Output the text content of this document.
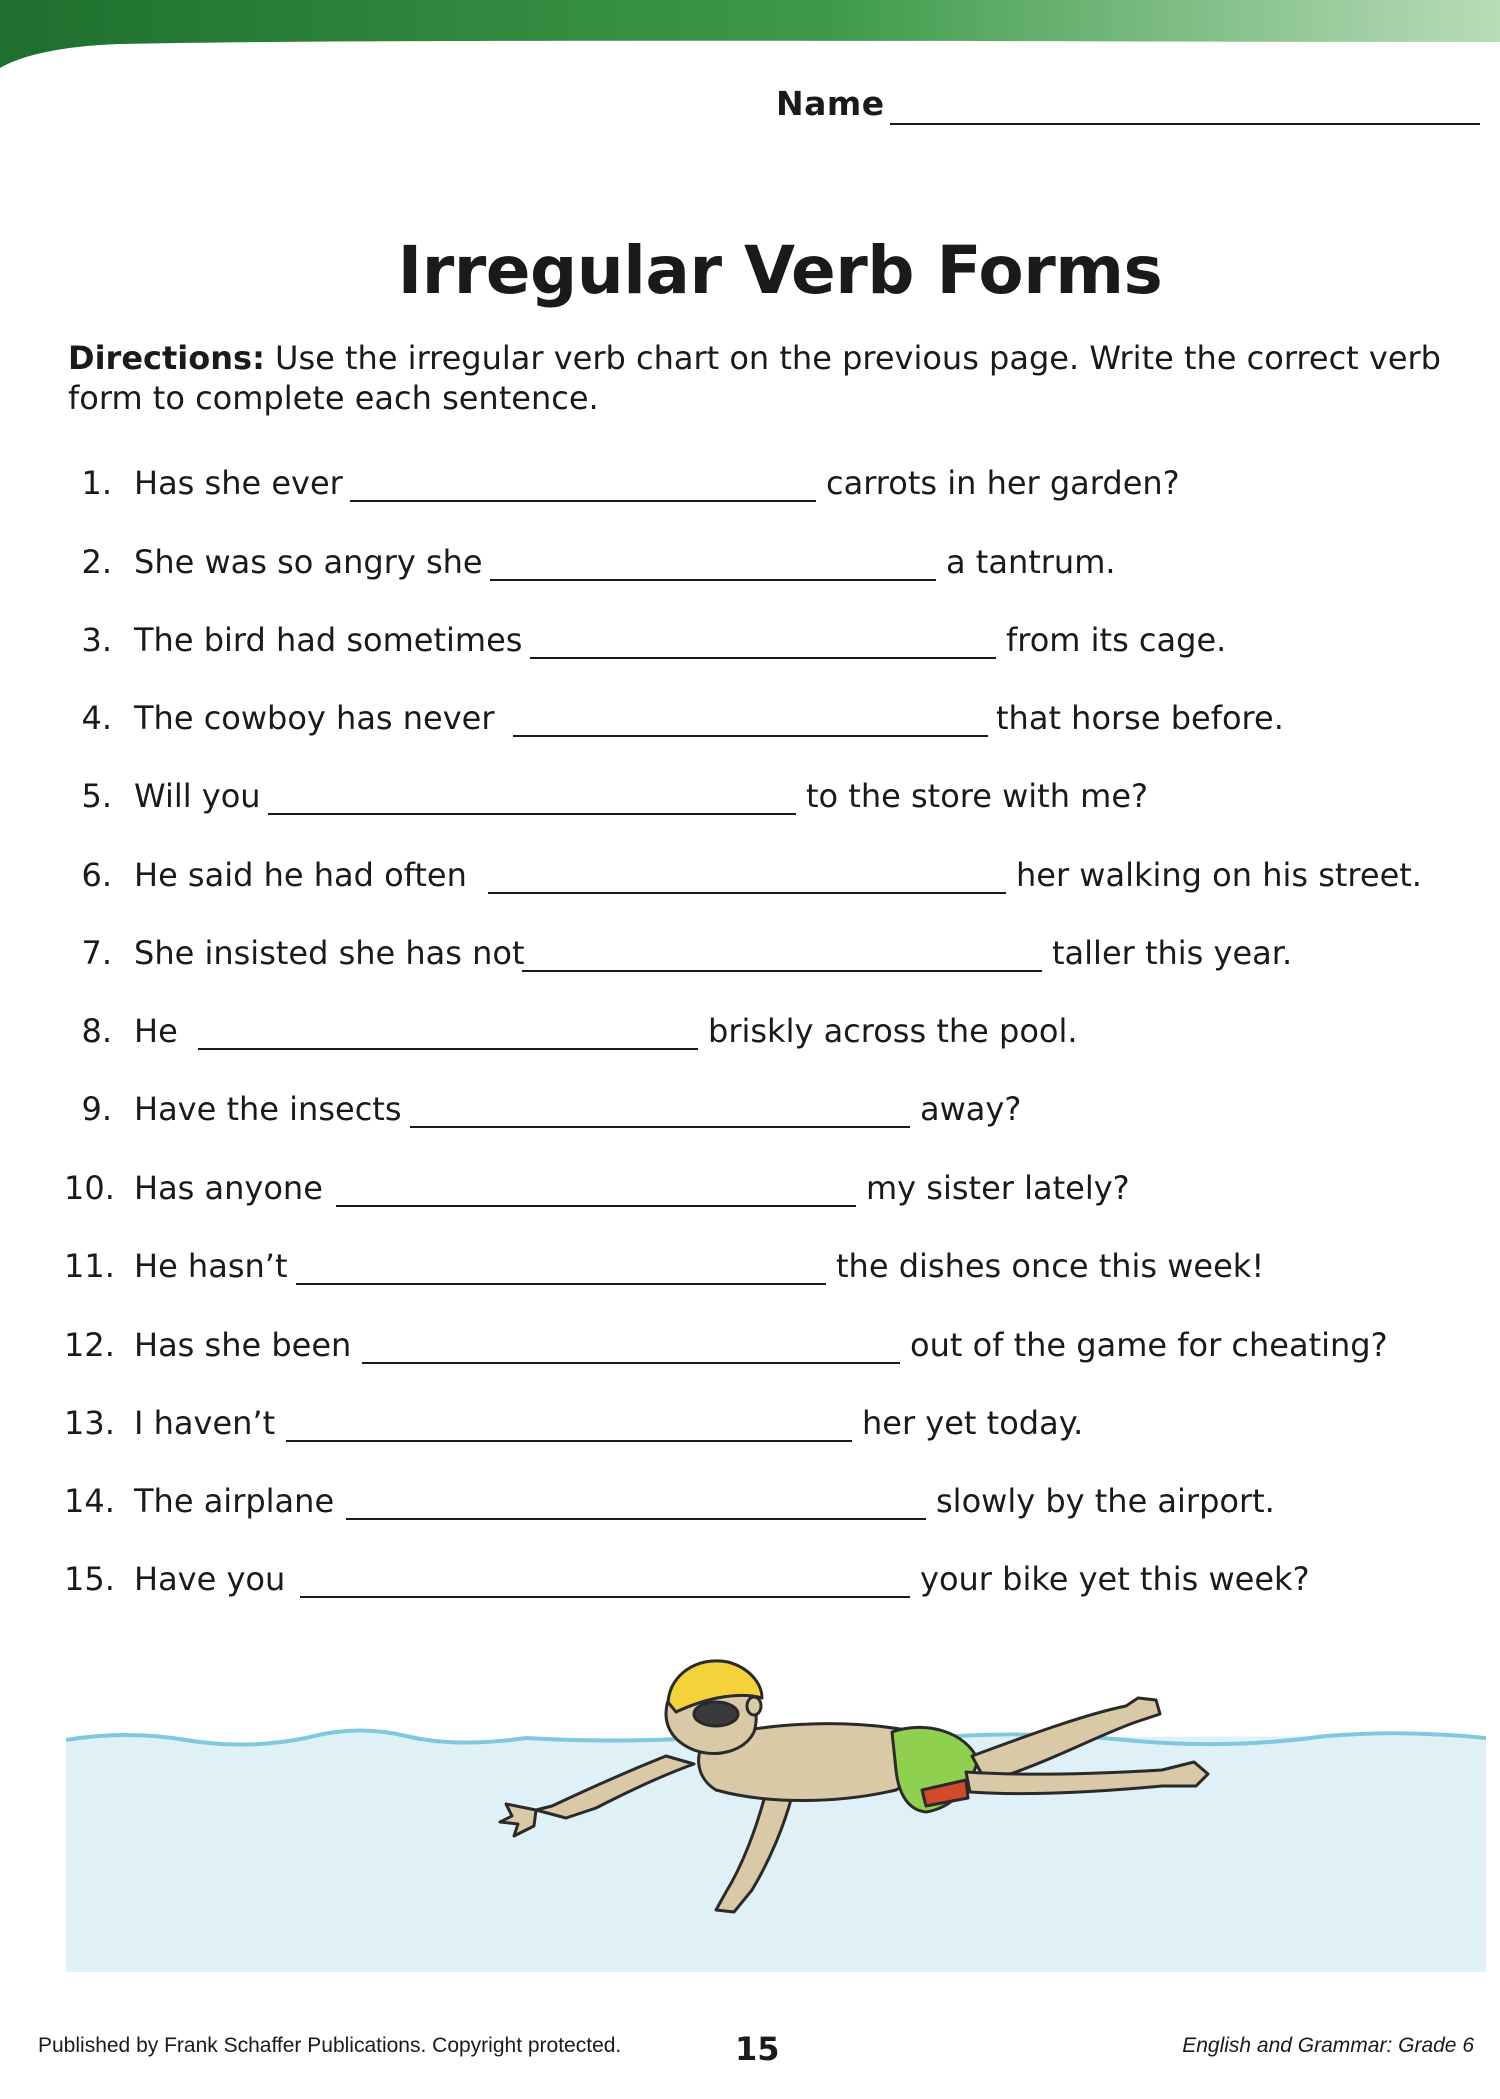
Name
Irregular Verb Forms
Directions: Use the irregular verb chart on the previous page. Write the correct verb form to complete each sentence.
1. Has she ever	carrots in her garden?
2. She was so angry she	a tantrum.
3. The bird had sometimes	from its cage.
4. The cowboy has never	that horse before.
5. Will you	to the store with me?
6. He said he had often	her walking on his street.
7. She insisted she has not	taller this year.
8. He	briskly across the pool.
9. Have the insects	away?
10. Has anyone	my sister lately?
11. He hasn’t	the dishes once this week!
12. Has she been	out of the game for cheating?
13. I haven’t	her yet today.
14. The airplane	slowly by the airport.
15. Have you	your bike yet this week?
Published by Frank Schaffer Publications. Copyright protected.	15	English and Grammar: Grade 6
